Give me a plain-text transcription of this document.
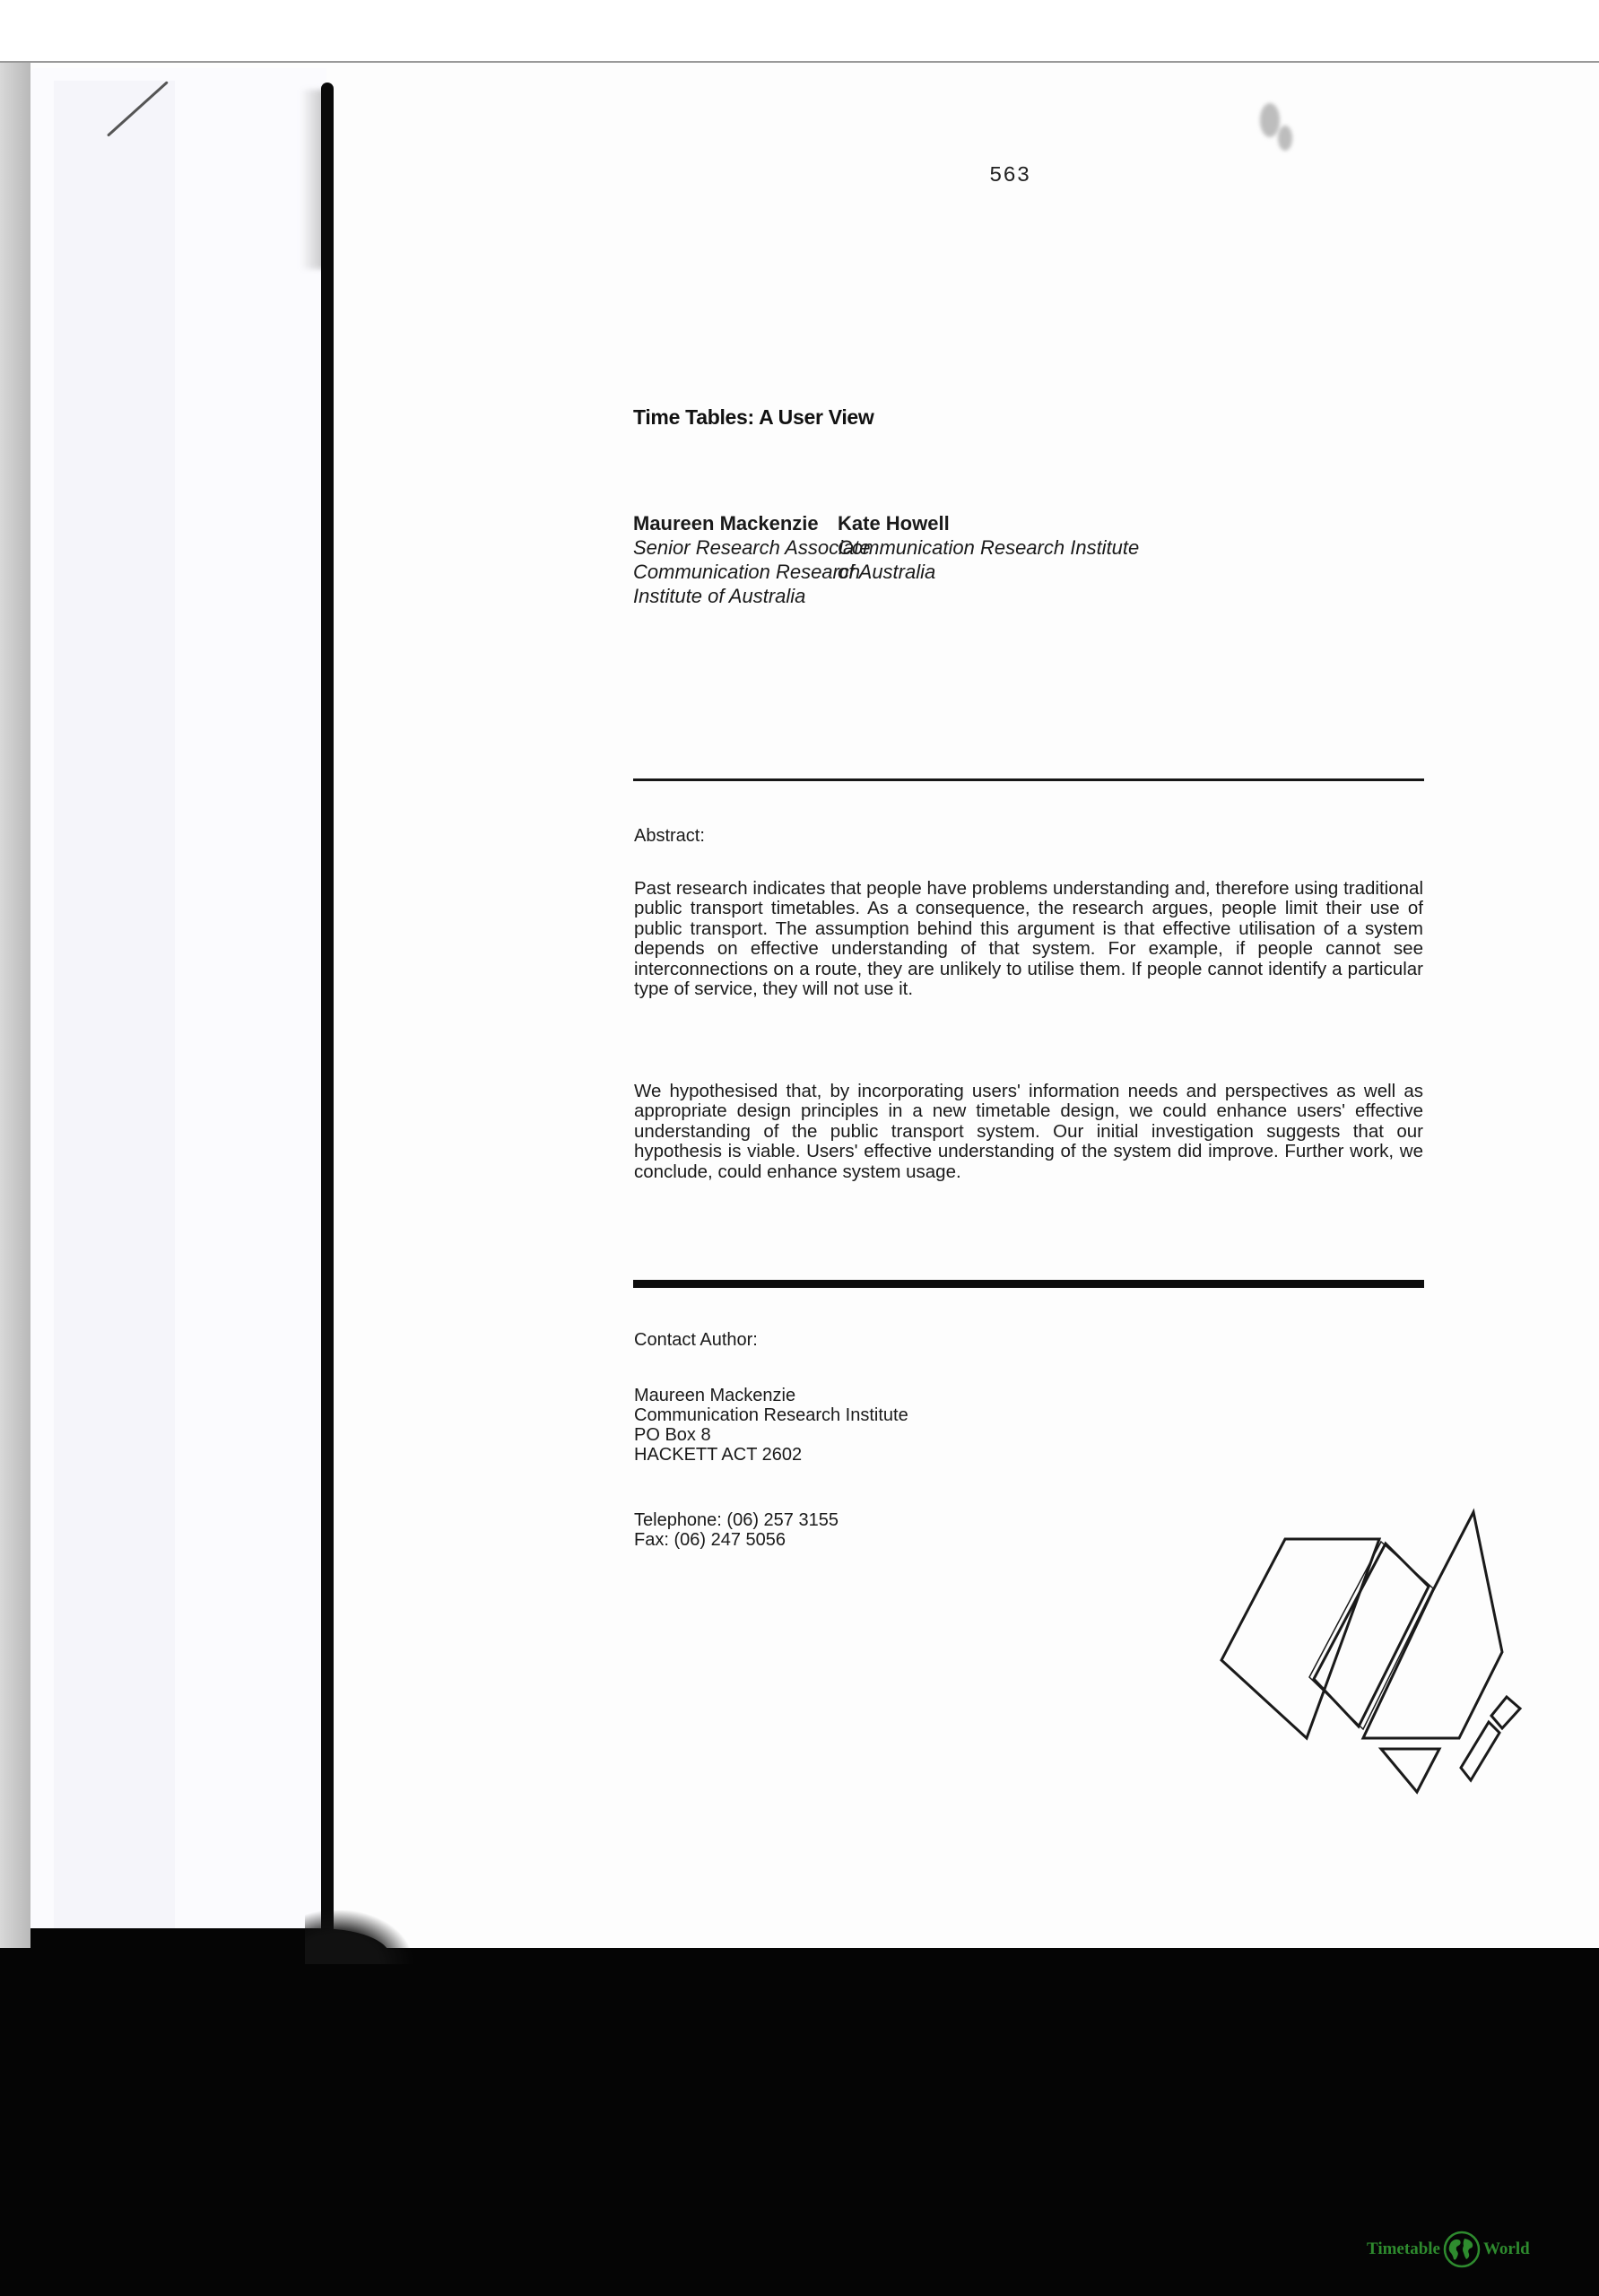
563
Time Tables: A User View
Maureen Mackenzie
Senior Research Associate
Communication Research
Institute of Australia
Kate Howell
Communication Research Institute
of Australia
Abstract:

Past research indicates that people have problems understanding and, therefore using traditional public transport timetables. As a consequence, the research argues, people limit their use of public transport. The assumption behind this argument is that effective utilisation of a system depends on effective understanding of that system. For example, if people cannot see interconnections on a route, they are unlikely to utilise them. If people cannot identify a particular type of service, they will not use it.

We hypothesised that, by incorporating users' information needs and perspectives as well as appropriate design principles in a new timetable design, we could enhance users' effective understanding of the public transport system. Our initial investigation suggests that our hypothesis is viable. Users' effective understanding of the system did improve. Further work, we conclude, could enhance system usage.

Contact Author:
Maureen Mackenzie
Communication Research Institute
PO Box 8
HACKETT ACT 2602
Telephone: (06) 257 3155
Fax: (06) 247 5056
Timetable	World
